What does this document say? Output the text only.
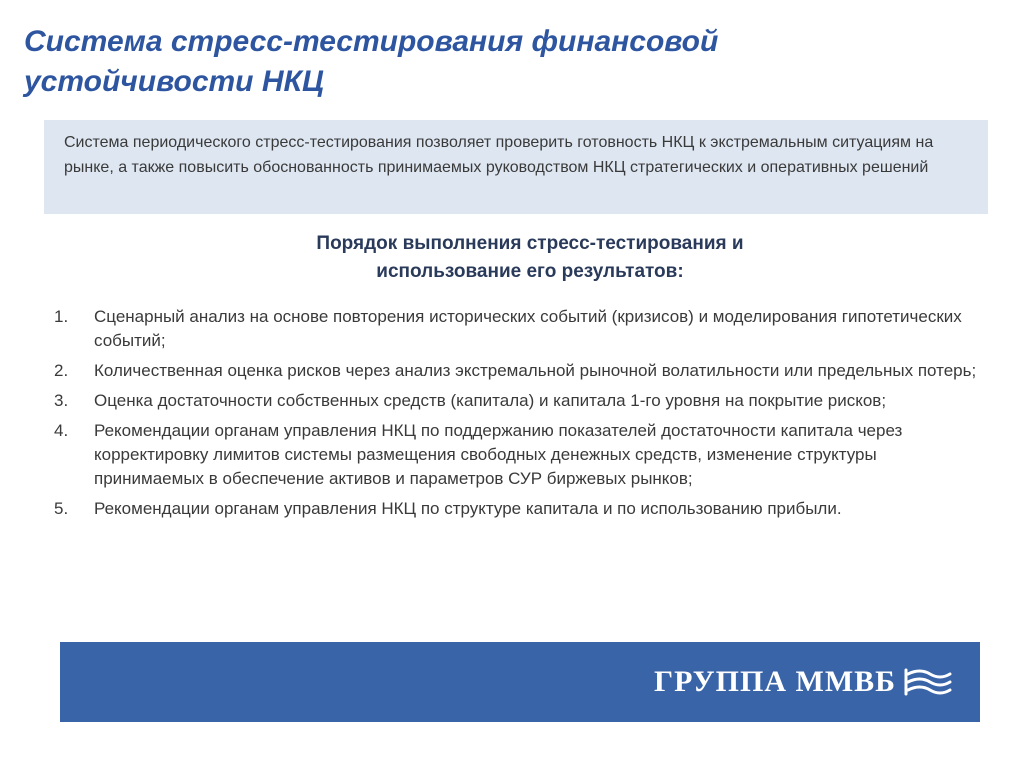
Система стресс-тестирования финансовой устойчивости НКЦ

Система периодического стресс-тестирования позволяет проверить готовность НКЦ к экстремальным ситуациям на рынке, а также повысить обоснованность принимаемых руководством НКЦ стратегических и оперативных решений

Порядок выполнения стресс-тестирования и
использование его результатов:
1. Сценарный анализ на основе повторения исторических событий (кризисов) и моделирования гипотетических событий;
2. Количественная оценка рисков через анализ экстремальной рыночной волатильности или предельных потерь;
3. Оценка достаточности собственных средств (капитала) и капитала 1-го уровня на покрытие рисков;
4. Рекомендации органам управления НКЦ по поддержанию показателей достаточности капитала через корректировку лимитов системы размещения свободных денежных средств, изменение структуры принимаемых в обеспечение активов и параметров СУР биржевых рынков;
5. Рекомендации органам управления НКЦ по структуре капитала и по использованию прибыли.
ГРУППА ММВБ
